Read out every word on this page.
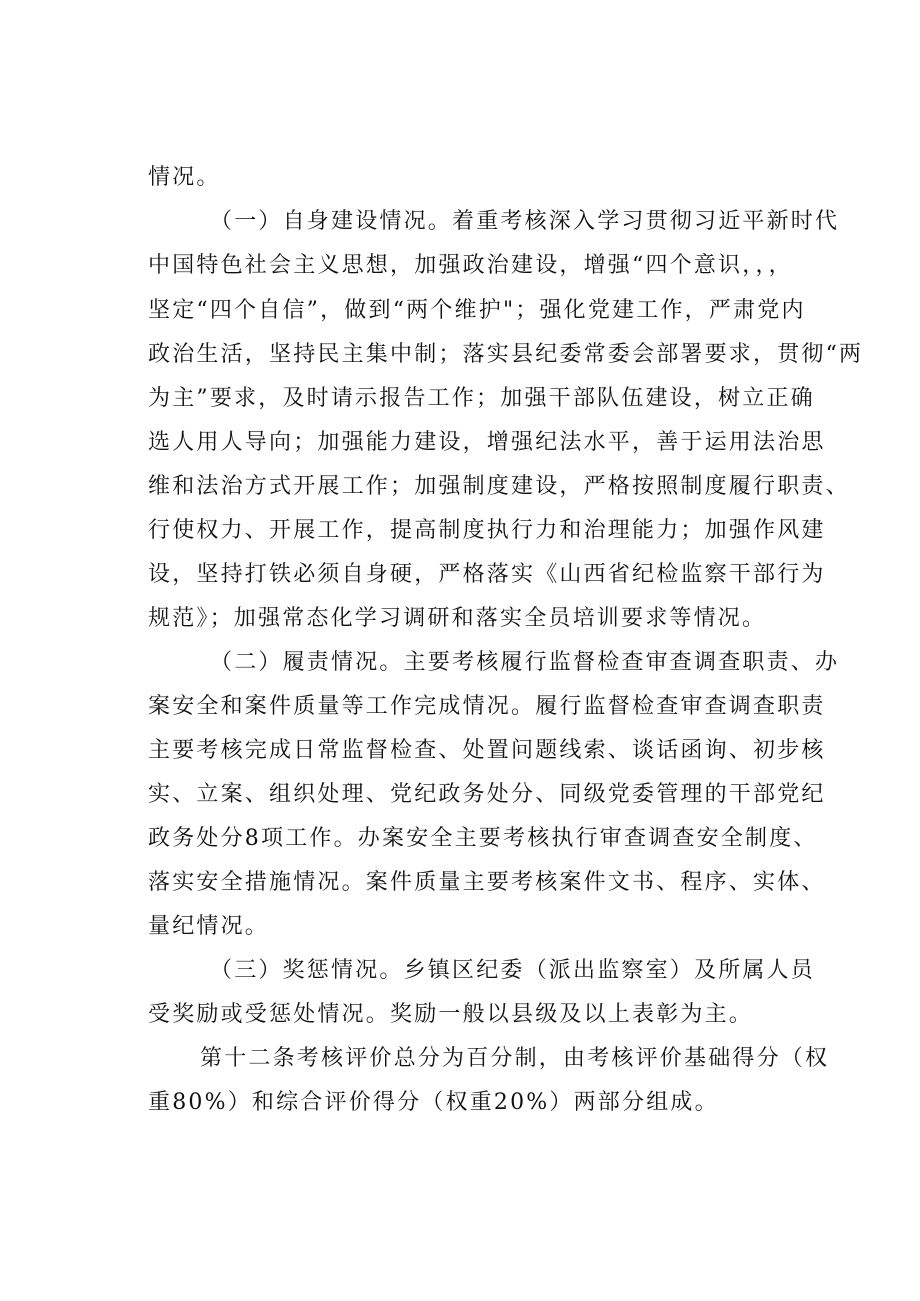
情况。
（一）自身建设情况。着重考核深入学习贯彻习近平新时代
中国特色社会主义思想，加强政治建设，增强“四个意识，，，
坚定“四个自信”，做到“两个维护"；强化党建工作，严肃党内
政治生活，坚持民主集中制；落实县纪委常委会部署要求，贯彻“两
为主”要求，及时请示报告工作；加强干部队伍建设，树立正确
选人用人导向；加强能力建设，增强纪法水平，善于运用法治思
维和法治方式开展工作；加强制度建设，严格按照制度履行职责、
行使权力、开展工作，提高制度执行力和治理能力；加强作风建
设，坚持打铁必须自身硬，严格落实《山西省纪检监察干部行为
规范》；加强常态化学习调研和落实全员培训要求等情况。
（二）履责情况。主要考核履行监督检查审查调查职责、办
案安全和案件质量等工作完成情况。履行监督检查审查调查职责
主要考核完成日常监督检查、处置问题线索、谈话函询、初步核
实、立案、组织处理、党纪政务处分、同级党委管理的干部党纪
政务处分8项工作。办案安全主要考核执行审查调查安全制度、
落实安全措施情况。案件质量主要考核案件文书、程序、实体、
量纪情况。
（三）奖惩情况。乡镇区纪委（派出监察室）及所属人员
受奖励或受惩处情况。奖励一般以县级及以上表彰为主。
第十二条考核评价总分为百分制，由考核评价基础得分（权
重80%）和综合评价得分（权重20%）两部分组成。
